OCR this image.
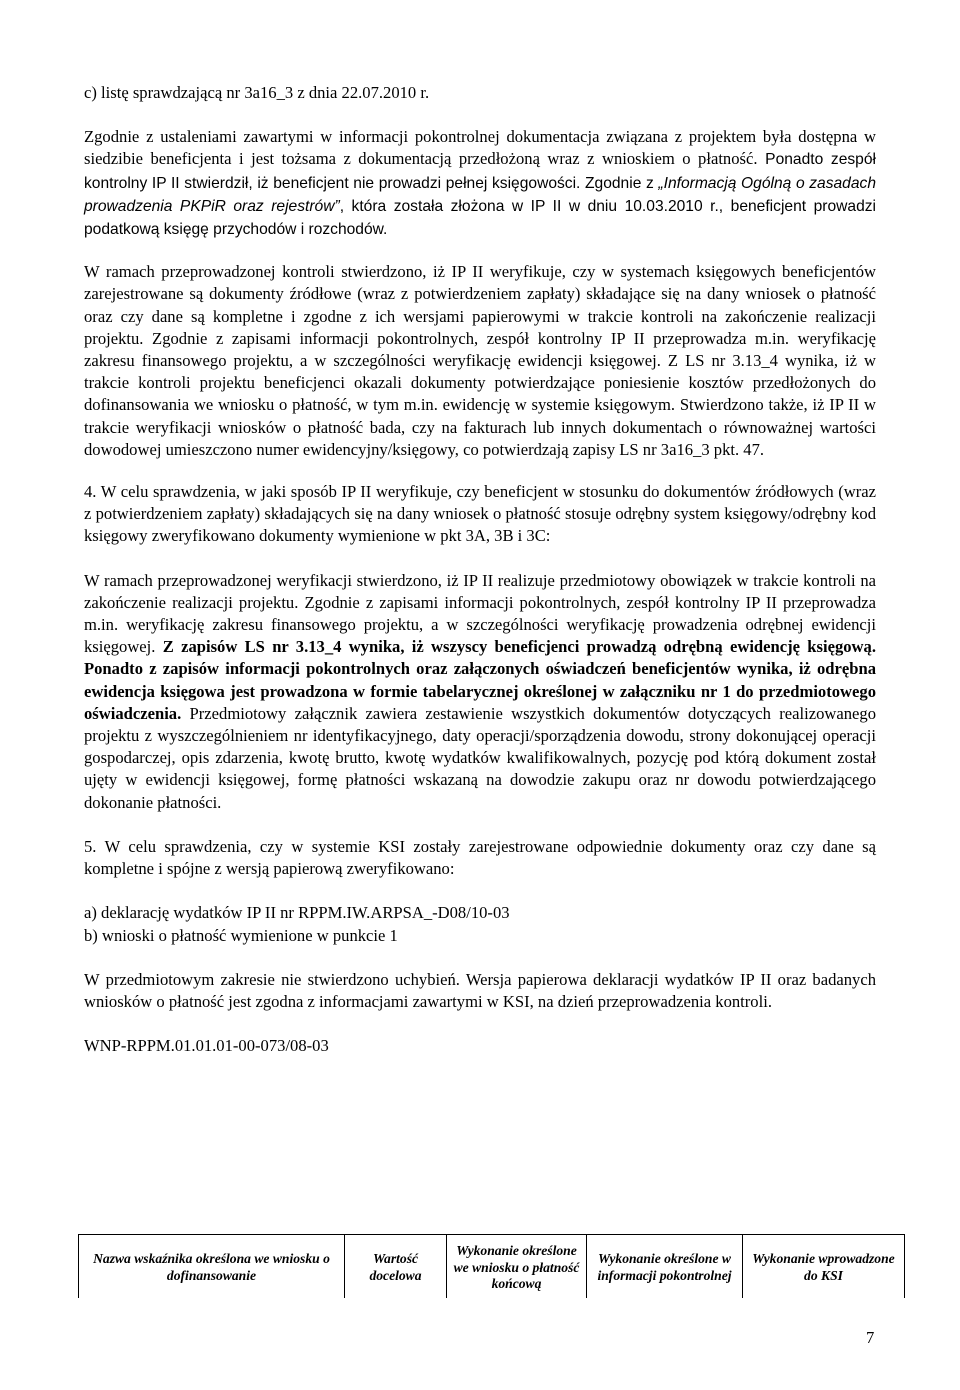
c) listę sprawdzającą nr 3a16_3 z dnia 22.07.2010 r.

Zgodnie z ustaleniami zawartymi w informacji pokontrolnej dokumentacja związana z projektem była dostępna w siedzibie beneficjenta i jest tożsama z dokumentacją przedłożoną wraz z wnioskiem o płatność. Ponadto zespół kontrolny IP II stwierdził, iż beneficjent nie prowadzi pełnej księgowości. Zgodnie z „Informacją Ogólną o zasadach prowadzenia PKPiR oraz rejestrów”, która została złożona w IP II w dniu 10.03.2010 r., beneficjent prowadzi podatkową księgę przychodów i rozchodów.

W ramach przeprowadzonej kontroli stwierdzono, iż IP II weryfikuje, czy w systemach księgowych beneficjentów zarejestrowane są dokumenty źródłowe (wraz z potwierdzeniem zapłaty) składające się na dany wniosek o płatność oraz czy dane są kompletne i zgodne z ich wersjami papierowymi w trakcie kontroli na zakończenie realizacji projektu. Zgodnie z zapisami informacji pokontrolnych, zespół kontrolny IP II przeprowadza m.in. weryfikację zakresu finansowego projektu, a w szczególności weryfikację ewidencji księgowej. Z LS nr 3.13_4 wynika, iż w trakcie kontroli projektu beneficjenci okazali dokumenty potwierdzające poniesienie kosztów przedłożonych do dofinansowania we wniosku o płatność, w tym m.in. ewidencję w systemie księgowym. Stwierdzono także, iż IP II w trakcie weryfikacji wniosków o płatność bada, czy na fakturach lub innych dokumentach o równoważnej wartości dowodowej umieszczono numer ewidencyjny/księgowy, co potwierdzają zapisy LS nr 3a16_3 pkt. 47.

4. W celu sprawdzenia, w jaki sposób IP II weryfikuje, czy beneficjent w stosunku do dokumentów źródłowych (wraz z potwierdzeniem zapłaty) składających się na dany wniosek o płatność stosuje odrębny system księgowy/odrębny kod księgowy zweryfikowano dokumenty wymienione w pkt 3A, 3B i 3C:

W ramach przeprowadzonej weryfikacji stwierdzono, iż IP II realizuje przedmiotowy obowiązek w trakcie kontroli na zakończenie realizacji projektu. Zgodnie z zapisami informacji pokontrolnych, zespół kontrolny IP II przeprowadza m.in. weryfikację zakresu finansowego projektu, a w szczególności weryfikację prowadzenia odrębnej ewidencji księgowej. Z zapisów LS nr 3.13_4 wynika, iż wszyscy beneficjenci prowadzą odrębną ewidencję księgową. Ponadto z zapisów informacji pokontrolnych oraz załączonych oświadczeń beneficjentów wynika, iż odrębna ewidencja księgowa jest prowadzona w formie tabelarycznej określonej w załączniku nr 1 do przedmiotowego oświadczenia. Przedmiotowy załącznik zawiera zestawienie wszystkich dokumentów dotyczących realizowanego projektu z wyszczególnieniem nr identyfikacyjnego, daty operacji/sporządzenia dowodu, strony dokonującej operacji gospodarczej, opis zdarzenia, kwotę brutto, kwotę wydatków kwalifikowalnych, pozycję pod którą dokument został ujęty w ewidencji księgowej, formę płatności wskazaną na dowodzie zakupu oraz nr dowodu potwierdzającego dokonanie płatności.

5. W celu sprawdzenia, czy w systemie KSI zostały zarejestrowane odpowiednie dokumenty oraz czy dane są kompletne i spójne z wersją papierową zweryfikowano:

a) deklarację wydatków IP II nr RPPM.IW.ARPSA_-D08/10-03

b) wnioski o płatność wymienione w punkcie 1

W przedmiotowym zakresie nie stwierdzono uchybień. Wersja papierowa deklaracji wydatków IP II oraz badanych wniosków o płatność jest zgodna z informacjami zawartymi w KSI, na dzień przeprowadzenia kontroli.

WNP-RPPM.01.01.01-00-073/08-03

Nazwa wskaźnika określona we wniosku o dofinansowanie	Wartość docelowa	Wykonanie określone we wniosku o płatność końcową	Wykonanie określone w informacji pokontrolnej	Wykonanie wprowadzone do KSI
7
